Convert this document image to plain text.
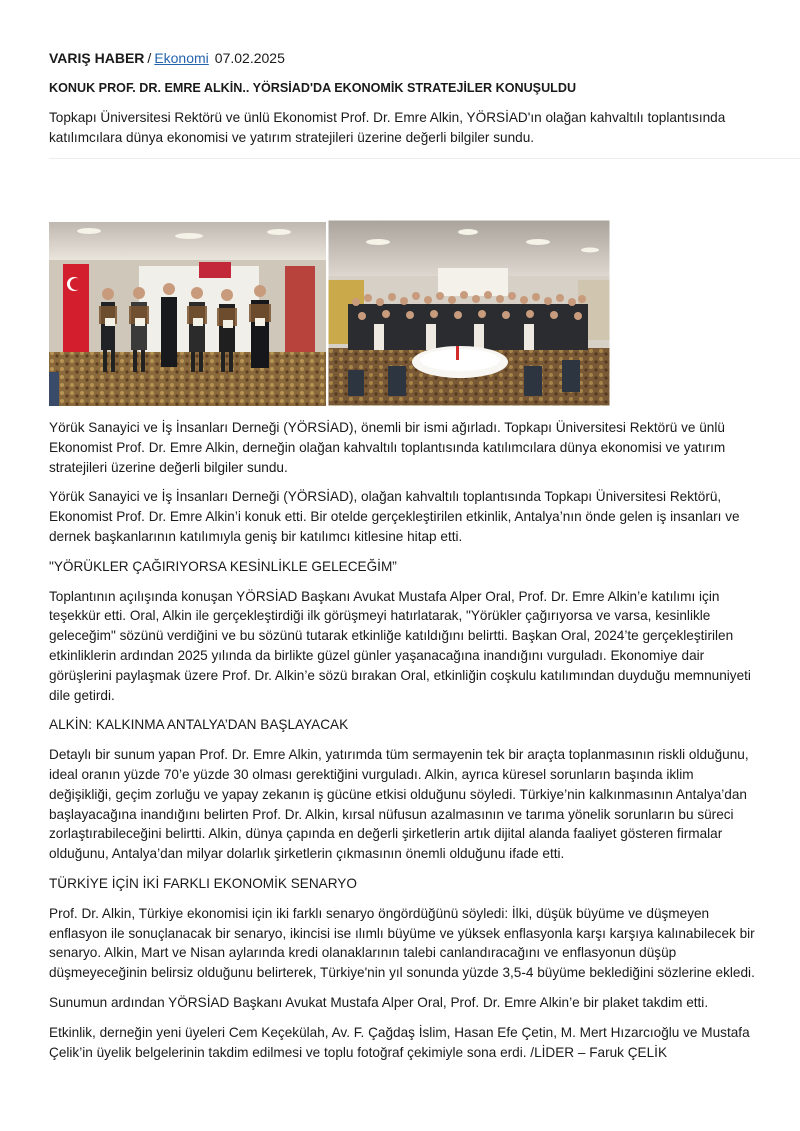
VARIŞ HABER / Ekonomi 07.02.2025
KONUK PROF. DR. EMRE ALKİN.. YÖRSİAD'DA EKONOMİK STRATEJİLER KONUŞULDU

Topkapı Üniversitesi Rektörü ve ünlü Ekonomist Prof. Dr. Emre Alkin, YÖRSİAD'ın olağan kahvaltılı toplantısında katılımcılara dünya ekonomisi ve yatırım stratejileri üzerine değerli bilgiler sundu.

Yörük Sanayici ve İş İnsanları Derneği (YÖRSİAD), önemli bir ismi ağırladı. Topkapı Üniversitesi Rektörü ve ünlü Ekonomist Prof. Dr. Emre Alkin, derneğin olağan kahvaltılı toplantısında katılımcılara dünya ekonomisi ve yatırım stratejileri üzerine değerli bilgiler sundu.

Yörük Sanayici ve İş İnsanları Derneği (YÖRSİAD), olağan kahvaltılı toplantısında Topkapı Üniversitesi Rektörü, Ekonomist Prof. Dr. Emre Alkin’i konuk etti. Bir otelde gerçekleştirilen etkinlik, Antalya’nın önde gelen iş insanları ve dernek başkanlarının katılımıyla geniş bir katılımcı kitlesine hitap etti.

"YÖRÜKLER ÇAĞIRIYORSA KESİNLİKLE GELECEĞİM”

Toplantının açılışında konuşan YÖRSİAD Başkanı Avukat Mustafa Alper Oral, Prof. Dr. Emre Alkin’e katılımı için teşekkür etti. Oral, Alkin ile gerçekleştirdiği ilk görüşmeyi hatırlatarak, "Yörükler çağırıyorsa ve varsa, kesinlikle geleceğim" sözünü verdiğini ve bu sözünü tutarak etkinliğe katıldığını belirtti. Başkan Oral, 2024’te gerçekleştirilen etkinliklerin ardından 2025 yılında da birlikte güzel günler yaşanacağına inandığını vurguladı. Ekonomiye dair görüşlerini paylaşmak üzere Prof. Dr. Alkin’e sözü bırakan Oral, etkinliğin coşkulu katılımından duyduğu memnuniyeti dile getirdi.

ALKİN: KALKINMA ANTALYA’DAN BAŞLAYACAK

Detaylı bir sunum yapan Prof. Dr. Emre Alkin, yatırımda tüm sermayenin tek bir araçta toplanmasının riskli olduğunu, ideal oranın yüzde 70’e yüzde 30 olması gerektiğini vurguladı. Alkin, ayrıca küresel sorunların başında iklim değişikliği, geçim zorluğu ve yapay zekanın iş gücüne etkisi olduğunu söyledi. Türkiye’nin kalkınmasının Antalya’dan başlayacağına inandığını belirten Prof. Dr. Alkin, kırsal nüfusun azalmasının ve tarıma yönelik sorunların bu süreci zorlaştırabileceğini belirtti. Alkin, dünya çapında en değerli şirketlerin artık dijital alanda faaliyet gösteren firmalar olduğunu, Antalya’dan milyar dolarlık şirketlerin çıkmasının önemli olduğunu ifade etti.

TÜRKİYE İÇİN İKİ FARKLI EKONOMİK SENARYO

Prof. Dr. Alkin, Türkiye ekonomisi için iki farklı senaryo öngördüğünü söyledi: İlki, düşük büyüme ve düşmeyen enflasyon ile sonuçlanacak bir senaryo, ikincisi ise ılımlı büyüme ve yüksek enflasyonla karşı karşıya kalınabilecek bir senaryo. Alkin, Mart ve Nisan aylarında kredi olanaklarının talebi canlandıracağını ve enflasyonun düşüp düşmeyeceğinin belirsiz olduğunu belirterek, Türkiye'nin yıl sonunda yüzde 3,5-4 büyüme beklediğini sözlerine ekledi.

Sunumun ardından YÖRSİAD Başkanı Avukat Mustafa Alper Oral, Prof. Dr. Emre Alkin’e bir plaket takdim etti.

Etkinlik, derneğin yeni üyeleri Cem Keçekülah, Av. F. Çağdaş İslim, Hasan Efe Çetin, M. Mert Hızarcıoğlu ve Mustafa Çelik’in üyelik belgelerinin takdim edilmesi ve toplu fotoğraf çekimiyle sona erdi. /LİDER – Faruk ÇELİK
